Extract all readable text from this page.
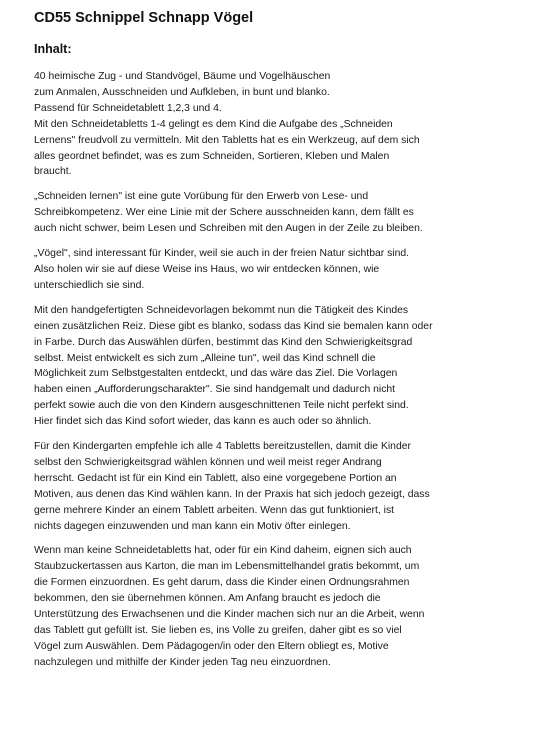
CD55 Schnippel Schnapp Vögel
Inhalt:

40 heimische Zug - und Standvögel, Bäume und Vogelhäuschen
zum Anmalen, Ausschneiden und Aufkleben, in bunt und blanko.
Passend für Schneidetablett 1,2,3 und 4.
Mit den Schneidetabletts 1-4 gelingt es dem Kind die Aufgabe des „Schneiden
Lernens" freudvoll zu vermitteln. Mit den Tabletts hat es ein Werkzeug, auf dem sich
alles geordnet befindet, was es zum Schneiden, Sortieren, Kleben und Malen
braucht.

„Schneiden lernen" ist eine gute Vorübung für den Erwerb von Lese- und
Schreibkompetenz. Wer eine Linie mit der Schere ausschneiden kann, dem fällt es
auch nicht schwer, beim Lesen und Schreiben mit den Augen in der Zeile zu bleiben.

„Vögel", sind interessant für Kinder, weil sie auch in der freien Natur sichtbar sind.
Also holen wir sie auf diese Weise ins Haus, wo wir entdecken können, wie
unterschiedlich sie sind.

Mit den handgefertigten Schneidevorlagen bekommt nun die Tätigkeit des Kindes
einen zusätzlichen Reiz. Diese gibt es blanko, sodass das Kind sie bemalen kann oder
in Farbe. Durch das Auswählen dürfen, bestimmt das Kind den Schwierigkeitsgrad
selbst. Meist entwickelt es sich zum „Alleine tun", weil das Kind schnell die
Möglichkeit zum Selbstgestalten entdeckt, und das wäre das Ziel. Die Vorlagen
haben einen „Aufforderungscharakter". Sie sind handgemalt und dadurch nicht
perfekt sowie auch die von den Kindern ausgeschnittenen Teile nicht perfekt sind.
Hier findet sich das Kind sofort wieder, das kann es auch oder so ähnlich.

Für den Kindergarten empfehle ich alle 4 Tabletts bereitzustellen, damit die Kinder
selbst den Schwierigkeitsgrad wählen können und weil meist reger Andrang
herrscht. Gedacht ist für ein Kind ein Tablett, also eine vorgegebene Portion an
Motiven, aus denen das Kind wählen kann. In der Praxis hat sich jedoch gezeigt, dass
gerne mehrere Kinder an einem Tablett arbeiten. Wenn das gut funktioniert, ist
nichts dagegen einzuwenden und man kann ein Motiv öfter einlegen.

Wenn man keine Schneidetabletts hat, oder für ein Kind daheim, eignen sich auch
Staubzuckertassen aus Karton, die man im Lebensmittelhandel gratis bekommt, um
die Formen einzuordnen. Es geht darum, dass die Kinder einen Ordnungsrahmen
bekommen, den sie übernehmen können. Am Anfang braucht es jedoch die
Unterstützung des Erwachsenen und die Kinder machen sich nur an die Arbeit, wenn
das Tablett gut gefüllt ist. Sie lieben es, ins Volle zu greifen, daher gibt es so viel
Vögel zum Auswählen. Dem Pädagogen/in oder den Eltern obliegt es, Motive
nachzulegen und mithilfe der Kinder jeden Tag neu einzuordnen.
